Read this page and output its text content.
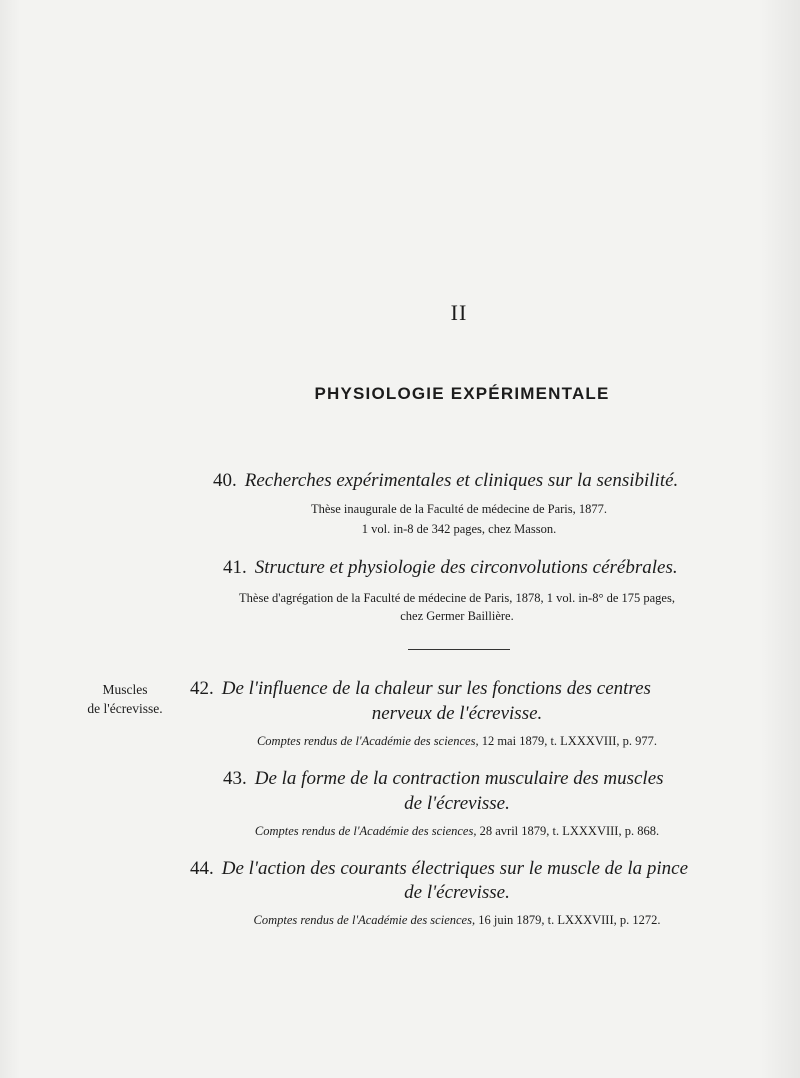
II
PHYSIOLOGIE EXPÉRIMENTALE
40. Recherches expérimentales et cliniques sur la sensibilité.
Thèse inaugurale de la Faculté de médecine de Paris, 1877.
1 vol. in-8 de 342 pages, chez Masson.
41. Structure et physiologie des circonvolutions cérébrales.
Thèse d'agrégation de la Faculté de médecine de Paris, 1878, 1 vol. in-8° de 175 pages,
chez Germer Baillière.
Muscles
de l'écrevisse.
42. De l'influence de la chaleur sur les fonctions des centres
nerveux de l'écrevisse.
Comptes rendus de l'Académie des sciences, 12 mai 1879, t. LXXXVIII, p. 977.
43. De la forme de la contraction musculaire des muscles
de l'écrevisse.
Comptes rendus de l'Académie des sciences, 28 avril 1879, t. LXXXVIII, p. 868.
44. De l'action des courants électriques sur le muscle de la pince
de l'écrevisse.
Comptes rendus de l'Académie des sciences, 16 juin 1879, t. LXXXVIII, p. 1272.
